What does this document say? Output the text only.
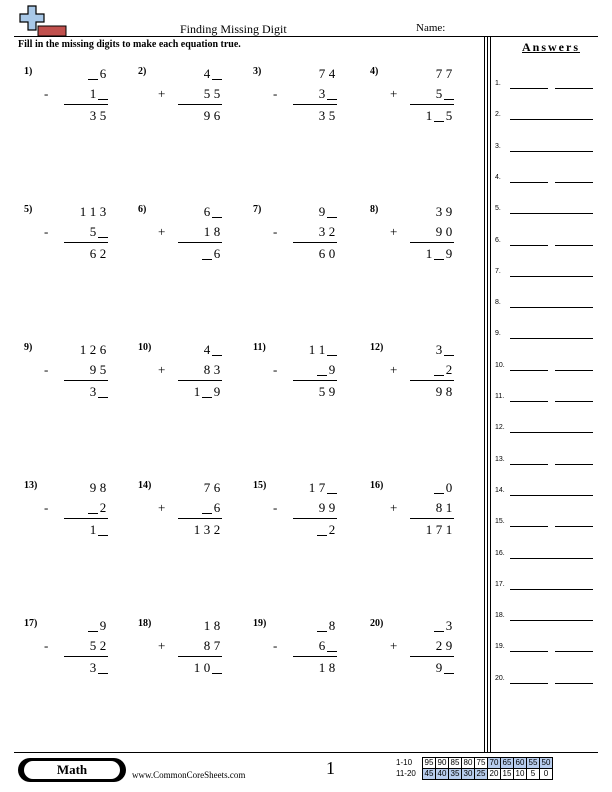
Finding Missing Digit	Name:
Fill in the missing digits to make each equation true.	Answers
1)	6
-	1
3 5
2)	4
+	5 5
9 6
3)	7 4
-	3
3 5
4)	7 7
+	5
1 5
5)	1 1 3
-	5
6 2
6)	6
+	1 8
6
7)	9
-	3 2
6 0
8)	3 9
+	9 0
1 9
9)	1 2 6
-	9 5
3
10)	4
+	8 3
1 9
11)	1 1
-	9
5 9
12)	3
+	2
9 8
13)	9 8
-	2
1
14)	7 6
+	6
1 3 2
15)	1 7
-	9 9
2
16)	0
+	8 1
1 7 1
17)	9
-	5 2
3
18)	1 8
+	8 7
1 0
19)	8
-	6
1 8
20)	3
+	2 9
9
1.
2.
3.
4.
5.
6.
7.
8.
9.
10.
11.
12.
13.
14.
15.
16.
17.
18.
19.
20.
Math	www.CommonCoreSheets.com	1	1-10	95	90	85	80	75	70	65	60	55	50
11-20	45	40	35	30	25	20	15	10	5	0
